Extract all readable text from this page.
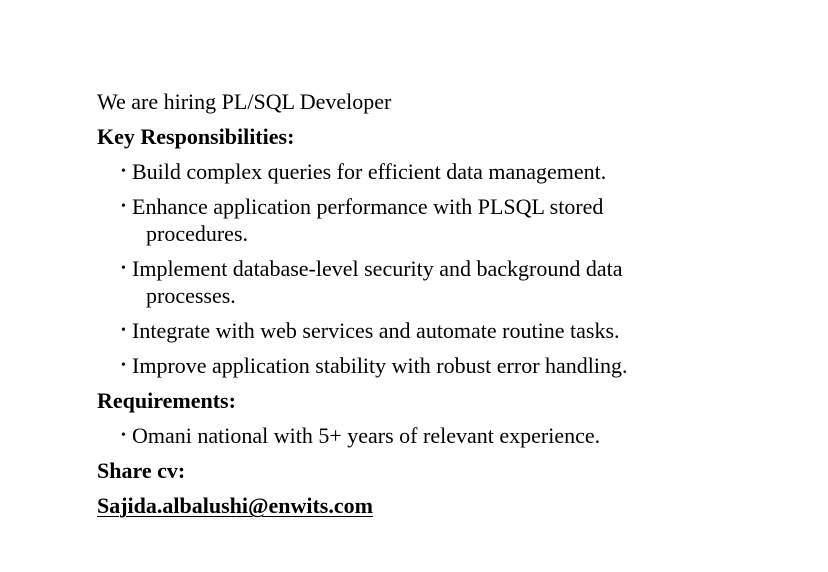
We are hiring PL/SQL Developer
Key Responsibilities:
• Build complex queries for efficient data management.
• Enhance application performance with PLSQL stored
procedures.
• Implement database-level security and background data
processes.
• Integrate with web services and automate routine tasks.
• Improve application stability with robust error handling.
Requirements:
• Omani national with 5+ years of relevant experience.
Share cv:
Sajida.albalushi@enwits.com
